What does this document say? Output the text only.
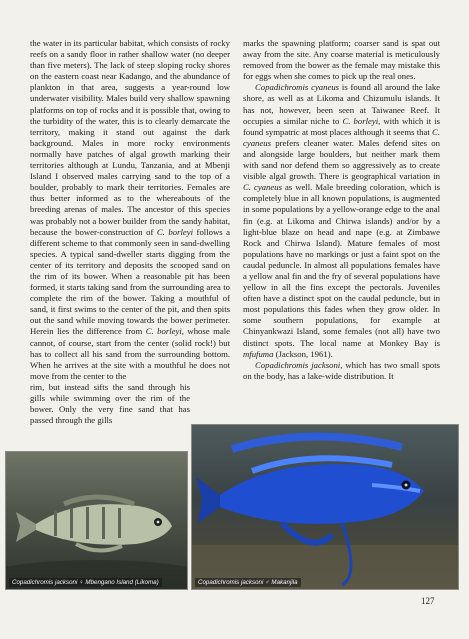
the water in its particular habitat, which consists of rocky reefs on a sandy floor in rather shallow water (no deeper than five meters). The lack of steep sloping rocky shores on the eastern coast near Kadango, and the abundance of plankton in that area, suggests a year-round low underwater visibility. Males build very shallow spawning platforms on top of rocks and it is possible that, owing to the turbidity of the water, this is to clearly demarcate the territory, making it stand out against the dark background. Males in more rocky environments normally have patches of algal growth marking their territories although at Lundu, Tanzania, and at Mbenji Island I observed males carrying sand to the top of a boulder, probably to mark their territories. Females are thus better informed as to the whereabouts of the breeding arenas of males. The ancestor of this species was probably not a bower builder from the sandy habitat, because the bower-construction of C. borleyi follows a different scheme to that commonly seen in sand-dwelling species. A typical sand-dweller starts digging from the center of its territory and deposits the scooped sand on the rim of its bower. When a reasonable pit has been formed, it starts taking sand from the surrounding area to complete the rim of the bower. Taking a mouthful of sand, it first swims to the center of the pit, and then spits out the sand while moving towards the bower perimeter. Herein lies the difference from C. borleyi, whose male cannot, of course, start from the center (solid rock!) but has to collect all his sand from the surrounding bottom. When he arrives at the site with a mouthful he does not move from the center to the

rim, but instead sifts the sand through his gills while swimming over the rim of the bower. Only the very fine sand that has passed through the gills

marks the spawning platform; coarser sand is spat out away from the site. Any coarse material is meticulously removed from the bower as the female may mistake this for eggs when she comes to pick up the real ones.

Copadichromis cyaneus is found all around the lake shore, as well as at Likoma and Chizumulu islands. It has not, however, been seen at Taiwanee Reef. It occupies a similar niche to C. borleyi, with which it is found sympatric at most places although it seems that C. cyaneus prefers cleaner water. Males defend sites on and alongside large boulders, but neither mark them with sand nor defend them so aggressively as to create visible algal growth. There is geographical variation in C. cyaneus as well. Male breeding coloration, which is completely blue in all known populations, is augmented in some populations by a yellow-orange edge to the anal fin (e.g. at Likoma and Chirwa islands) and/or by a light-blue blaze on head and nape (e.g. at Zimbawe Rock and Chirwa Island). Mature females of most populations have no markings or just a faint spot on the caudal peduncle. In almost all populations females have a yellow anal fin and the fry of several populations have yellow in all the fins except the pectorals. Juveniles often have a distinct spot on the caudal peduncle, but in most populations this fades when they grow older. In some southern populations, for example at Chinyankwazi Island, some females (not all) have two distinct spots. The local name at Monkey Bay is mfufuma (Jackson, 1961).

Copadichromis jacksoni, which has two small spots on the body, has a lake-wide distribution. It

Copadichromis jacksoni ♀ Mbengano Island (Likoma)	Copadichromis jacksoni ♂ Makanjila
127
